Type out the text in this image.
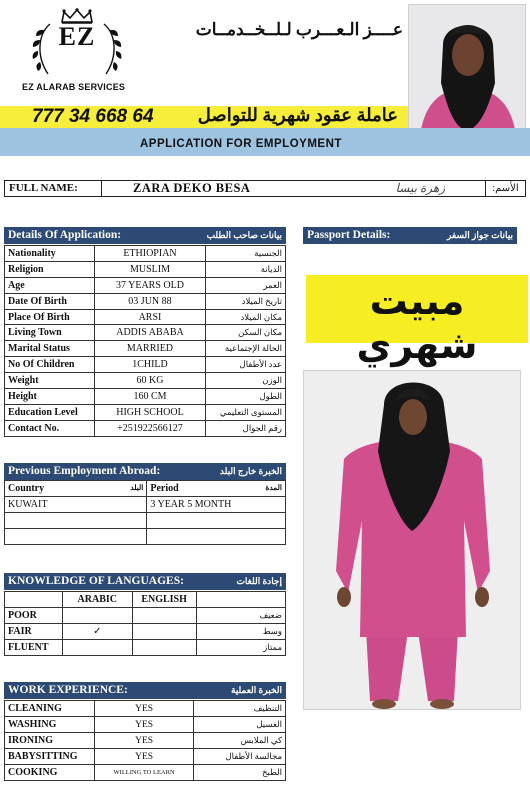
EZ
EZ ALARAB SERVICES
عــــز الـعـــرب لـلــخــدمــات
777 34 668 64 عاملة عقود شهرية للتواصل
APPLICATION FOR EMPLOYMENT
FULL NAME:	ZARA DEKO BESA	زهرة بيسا	الأسم:
Details Of Application:	بيانات صاحب الطلب
Nationality	ETHIOPIAN	الجنسية
Religion	MUSLIM	الديانة
Age	37 YEARS OLD	العمر
Date Of Birth	03 JUN 88	تاريخ الميلاد
Place Of Birth	ARSI	مكان الميلاد
Living Town	ADDIS ABABA	مكان السكن
Marital Status	MARRIED	الحالة الإجتماعية
No Of Children	1CHILD	عدد الأطفال
Weight	60 KG	الوزن
Height	160 CM	الطول
Education Level	HIGH SCHOOL	المستوى التعليمي
Contact No.	+251922566127	رقم الجوال
Passport Details:	بيانات جواز السفر
مبيت شهري
Previous Employment Abroad:	الخبرة خارج البلد
Country البلد	Period المدة

KUWAIT	3 YEAR 5 MONTH

KNOWLEDGE OF LANGUAGES:	إجادة اللغات
	ARABIC	ENGLISH	
POOR			ضعيف
FAIR	✓		وسط
FLUENT			ممتاز
WORK EXPERIENCE:	الخبرة العملية
CLEANING	YES	التنظيف
WASHING	YES	الغسيل
IRONING	YES	كي الملابس
BABYSITTING	YES	مجالسة الأطفال
COOKING	WILLING TO LEARN	الطبخ
